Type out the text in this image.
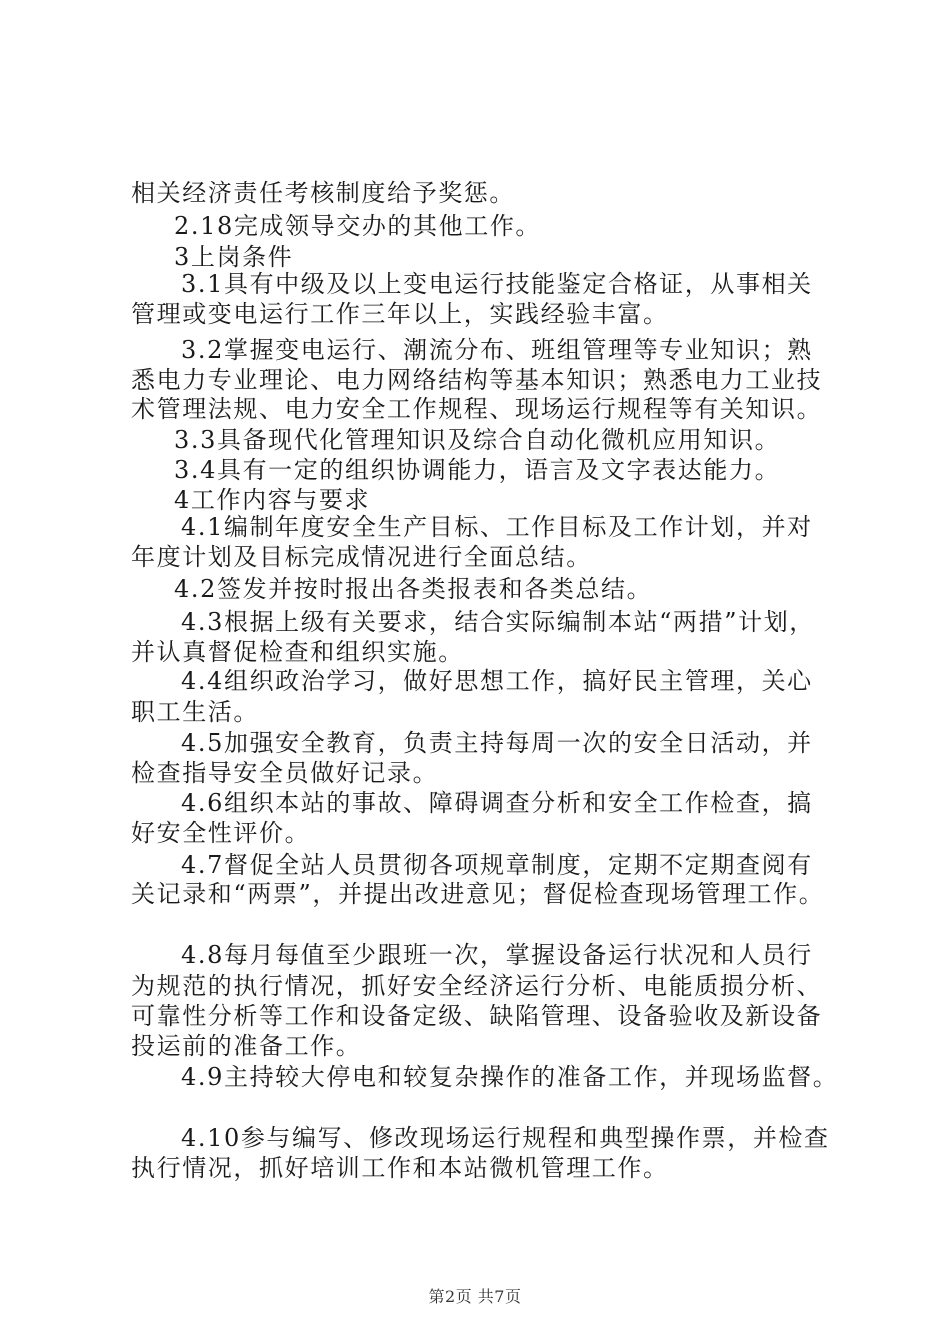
相关经济责任考核制度给予奖惩。
2.18完成领导交办的其他工作。
3上岗条件
3.1具有中级及以上变电运行技能鉴定合格证，从事相关
管理或变电运行工作三年以上，实践经验丰富。
3.2掌握变电运行、潮流分布、班组管理等专业知识；熟
悉电力专业理论、电力网络结构等基本知识；熟悉电力工业技
术管理法规、电力安全工作规程、现场运行规程等有关知识。
3.3具备现代化管理知识及综合自动化微机应用知识。
3.4具有一定的组织协调能力，语言及文字表达能力。
4工作内容与要求
4.1编制年度安全生产目标、工作目标及工作计划，并对
年度计划及目标完成情况进行全面总结。
4.2签发并按时报出各类报表和各类总结。
4.3根据上级有关要求，结合实际编制本站“两措”计划，
并认真督促检查和组织实施。
4.4组织政治学习，做好思想工作，搞好民主管理，关心
职工生活。
4.5加强安全教育，负责主持每周一次的安全日活动，并
检查指导安全员做好记录。
4.6组织本站的事故、障碍调查分析和安全工作检查，搞
好安全性评价。
4.7督促全站人员贯彻各项规章制度，定期不定期查阅有
关记录和“两票”，并提出改进意见；督促检查现场管理工作。
4.8每月每值至少跟班一次，掌握设备运行状况和人员行
为规范的执行情况，抓好安全经济运行分析、电能质损分析、
可靠性分析等工作和设备定级、缺陷管理、设备验收及新设备
投运前的准备工作。
4.9主持较大停电和较复杂操作的准备工作，并现场监督。
4.10参与编写、修改现场运行规程和典型操作票，并检查
执行情况，抓好培训工作和本站微机管理工作。
第2页 共7页
